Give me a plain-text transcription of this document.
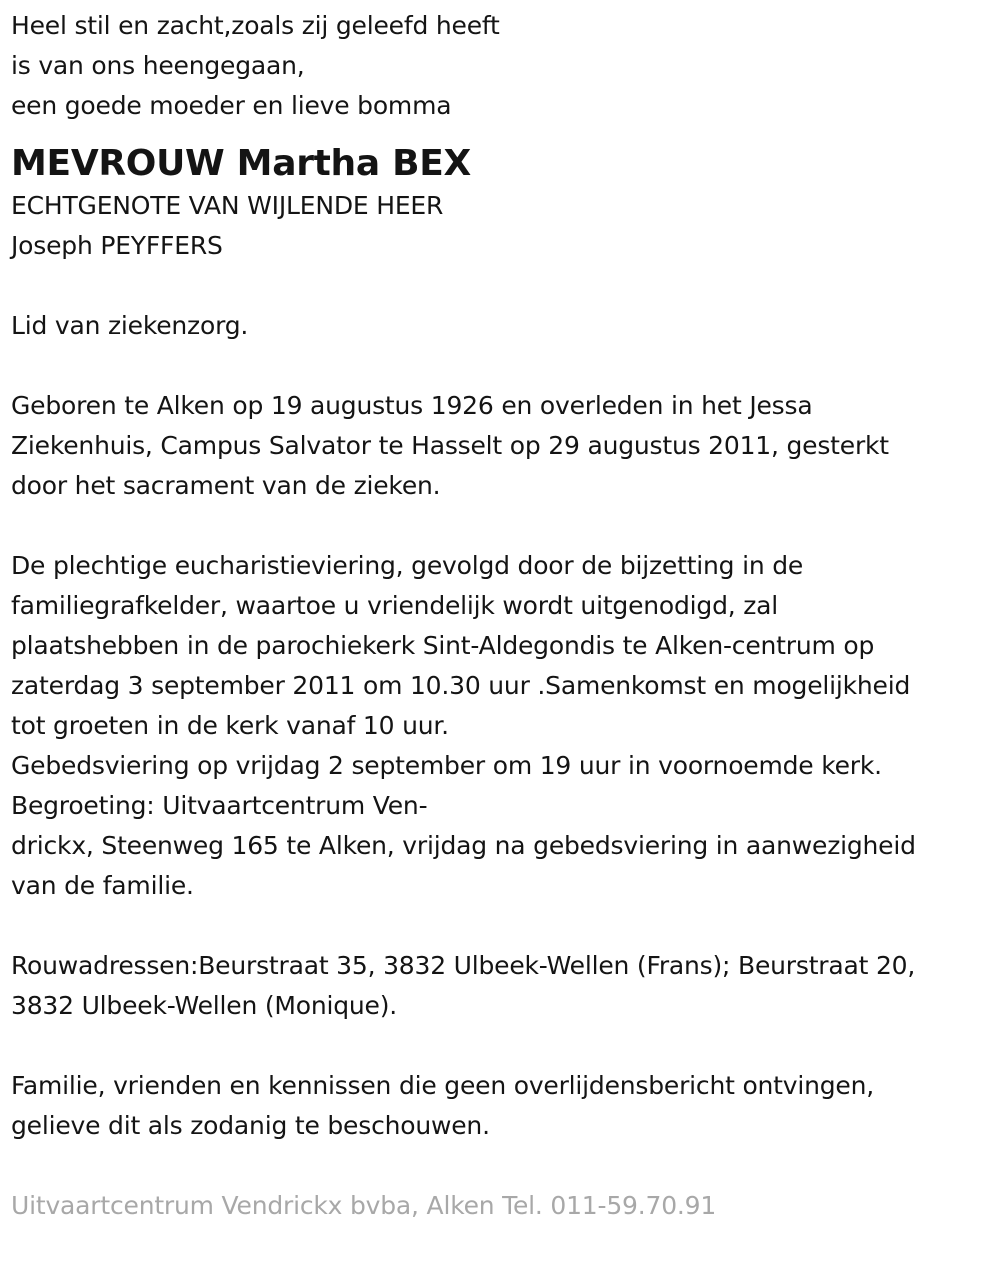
Heel stil en zacht,zoals zij geleefd heeft
is van ons heengegaan,
een goede moeder en lieve bomma
MEVROUW Martha BEX
ECHTGENOTE VAN WIJLENDE HEER
Joseph PEYFFERS
Lid van ziekenzorg.
Geboren te Alken op 19 augustus 1926 en overleden in het Jessa
Ziekenhuis, Campus Salvator te Hasselt op 29 augustus 2011, gesterkt
door het sacrament van de zieken.
De plechtige eucharistieviering, gevolgd door de bijzetting in de
familiegrafkelder, waartoe u vriendelijk wordt uitgenodigd, zal
plaatshebben in de parochiekerk Sint-Aldegondis te Alken-centrum op
zaterdag 3 september 2011 om 10.30 uur .Samenkomst en mogelijkheid
tot groeten in de kerk vanaf 10 uur.
Gebedsviering op vrijdag 2 september om 19 uur in voornoemde kerk.
Begroeting: Uitvaartcentrum Ven-
drickx, Steenweg 165 te Alken, vrijdag na gebedsviering in aanwezigheid
van de familie.
Rouwadressen:Beurstraat 35, 3832 Ulbeek-Wellen (Frans); Beurstraat 20,
3832 Ulbeek-Wellen (Monique).
Familie, vrienden en kennissen die geen overlijdensbericht ontvingen,
gelieve dit als zodanig te beschouwen.
Uitvaartcentrum Vendrickx bvba, Alken Tel. 011-59.70.91
